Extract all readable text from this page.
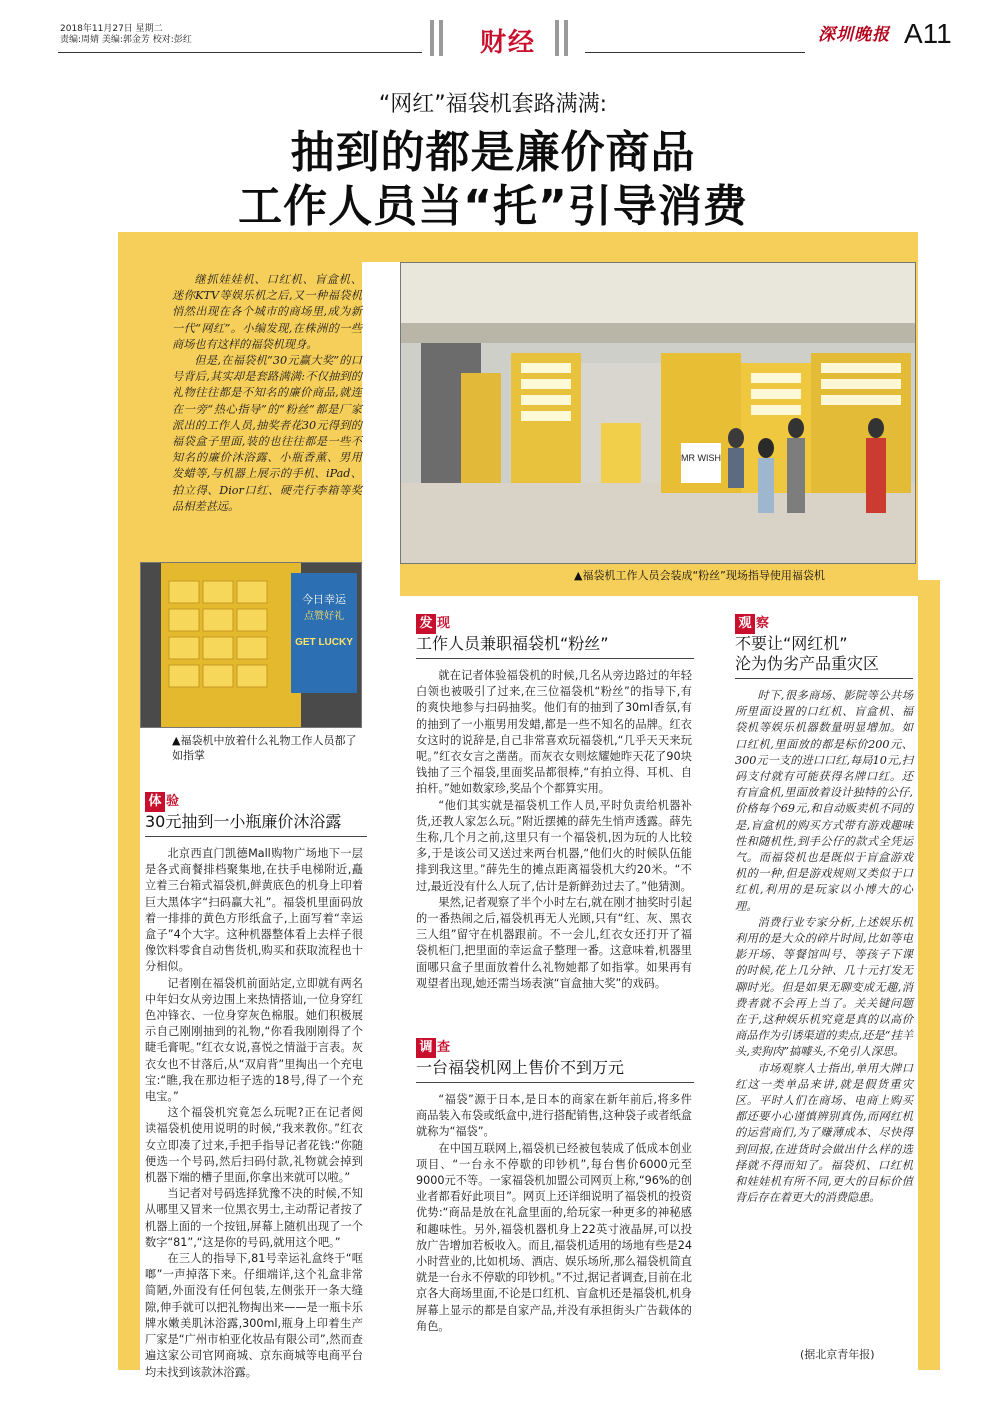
2018年11月27日 星期二
责编:周婧 美编:郭金芳 校对:彭红	财经	深圳晚报 A11
“网红”福袋机套路满满:
抽到的都是廉价商品
工作人员当“托”引导消费

继抓娃娃机、口红机、盲盒机、迷你KTV等娱乐机之后,又一种福袋机悄然出现在各个城市的商场里,成为新一代“网红”。小编发现,在株洲的一些商场也有这样的福袋机现身。

但是,在福袋机“30元赢大奖”的口号背后,其实却是套路满满:不仅抽到的礼物往往都是不知名的廉价商品,就连在一旁“热心指导”的“粉丝”都是厂家派出的工作人员,抽奖者花30元得到的福袋盒子里面,装的也往往都是一些不知名的廉价沐浴露、小瓶香薰、男用发蜡等,与机器上展示的手机、iPad、拍立得、Dior口红、硬壳行李箱等奖品相差甚远。

MR WISH
▲福袋机工作人员会装成“粉丝”现场指导使用福袋机
今日幸运
点赞好礼
GET LUCKY
▲福袋机中放着什么礼物工作人员都了如指掌
体 验
30元抽到一小瓶廉价沐浴露

北京西直门凯德Mall购物广场地下一层是各式商餐排档聚集地,在扶手电梯附近,矗立着三台箱式福袋机,鲜黄底色的机身上印着巨大黑体字“扫码赢大礼”。福袋机里面码放着一排排的黄色方形纸盒子,上面写着“幸运盒子”4个大字。这种机器整体看上去样子很像饮料零食自动售货机,购买和获取流程也十分相似。

记者刚在福袋机前面站定,立即就有两名中年妇女从旁边围上来热情搭讪,一位身穿红色冲锋衣、一位身穿灰色棉服。她们积极展示自己刚刚抽到的礼物,“你看我刚刚得了个睫毛膏呢。”红衣女说,喜悦之情溢于言表。灰衣女也不甘落后,从“双肩背”里掏出一个充电宝:“瞧,我在那边柜子选的18号,得了一个充电宝。”

这个福袋机究竟怎么玩呢?正在记者阅读福袋机使用说明的时候,“我来教你。”红衣女立即凑了过来,手把手指导记者花钱:“你随便选一个号码,然后扫码付款,礼物就会掉到机器下端的槽子里面,你拿出来就可以啦。”

当记者对号码选择犹豫不决的时候,不知从哪里又冒来一位黑衣男士,主动帮记者按了机器上面的一个按钮,屏幕上随机出现了一个数字“81”,“这是你的号码,就用这个吧。”

在三人的指导下,81号幸运礼盒终于“哐啷”一声掉落下来。仔细端详,这个礼盒非常简陋,外面没有任何包装,左侧张开一条大缝隙,伸手就可以把礼物掏出来——是一瓶卡乐牌水嫩美肌沐浴露,300ml,瓶身上印着生产厂家是“广州市柏亚化妆品有限公司”,然而查遍这家公司官网商城、京东商城等电商平台均未找到该款沐浴露。

发 现
工作人员兼职福袋机“粉丝”

就在记者体验福袋机的时候,几名从旁边路过的年轻白领也被吸引了过来,在三位福袋机“粉丝”的指导下,有的爽快地参与扫码抽奖。他们有的抽到了30ml香氛,有的抽到了一小瓶男用发蜡,都是一些不知名的品牌。红衣女这时的说辞是,自己非常喜欢玩福袋机,“几乎天天来玩呢。”红衣女言之凿凿。而灰衣女则炫耀她昨天花了90块钱抽了三个福袋,里面奖品都很棒,“有拍立得、耳机、自拍杆。”她如数家珍,奖品个个都算实用。

“他们其实就是福袋机工作人员,平时负责给机器补货,还教人家怎么玩。”附近摆摊的薛先生悄声透露。薛先生称,几个月之前,这里只有一个福袋机,因为玩的人比较多,于是该公司又送过来两台机器,“他们火的时候队伍能排到我这里。”薛先生的摊点距离福袋机大约20米。“不过,最近没有什么人玩了,估计是新鲜劲过去了。”他猜测。

果然,记者观察了半个小时左右,就在刚才抽奖时引起的一番热闹之后,福袋机再无人光顾,只有“红、灰、黑衣三人组”留守在机器跟前。不一会儿,红衣女还打开了福袋机柜门,把里面的幸运盒子整理一番。这意味着,机器里面哪只盒子里面放着什么礼物她都了如指掌。如果再有观望者出现,她还需当场表演“盲盒抽大奖”的戏码。

调 查
一台福袋机网上售价不到万元

“福袋”源于日本,是日本的商家在新年前后,将多件商品装入布袋或纸盒中,进行搭配销售,这种袋子或者纸盒就称为“福袋”。

在中国互联网上,福袋机已经被包装成了低成本创业项目、“一台永不停歇的印钞机”,每台售价6000元至9000元不等。一家福袋机加盟公司网页上称,“96%的创业者都看好此项目”。网页上还详细说明了福袋机的投资优势:“商品是放在礼盒里面的,给玩家一种更多的神秘感和趣味性。另外,福袋机器机身上22英寸液晶屏,可以投放广告增加若板收入。而且,福袋机适用的场地有些是24小时营业的,比如机场、酒店、娱乐场所,那么福袋机简直就是一台永不停歇的印钞机。”不过,据记者调查,目前在北京各大商场里面,不论是口红机、盲盒机还是福袋机,机身屏幕上显示的都是自家产品,并没有承担街头广告载体的角色。

观 察
不要让“网红机”
沦为伪劣产品重灾区

时下,很多商场、影院等公共场所里面设置的口红机、盲盒机、福袋机等娱乐机器数量明显增加。如口红机,里面放的都是标价200元、300元一支的进口口红,每局10元,扫码支付就有可能获得名牌口红。还有盲盒机,里面放着设计独特的公仔,价格每个69元,和自动贩卖机不同的是,盲盒机的购买方式带有游戏趣味性和随机性,到手公仔的款式全凭运气。而福袋机也是既似于盲盒游戏机的一种,但是游戏规则又类似于口红机,利用的是玩家以小博大的心理。

消费行业专家分析,上述娱乐机利用的是大众的碎片时间,比如等电影开场、等餐馆叫号、等孩子下课的时候,花上几分钟、几十元打发无聊时光。但是如果无聊变成无趣,消费者就不会再上当了。关关键问题在于,这种娱乐机究竟是真的以高价商品作为引诱渠道的卖点,还是“挂羊头,卖狗肉”搞噱头,不免引人深思。

市场观察人士指出,单用大牌口红这一类单品来讲,就是假货重灾区。平时人们在商场、电商上购买都还要小心谨慎辨别真伪,而网红机的运营商们,为了赚薄成本、尽快得到回报,在进货时会做出什么样的选择就不得而知了。福袋机、口红机和娃娃机有所不同,更大的目标价值背后存在着更大的消费隐患。

(据北京青年报)
